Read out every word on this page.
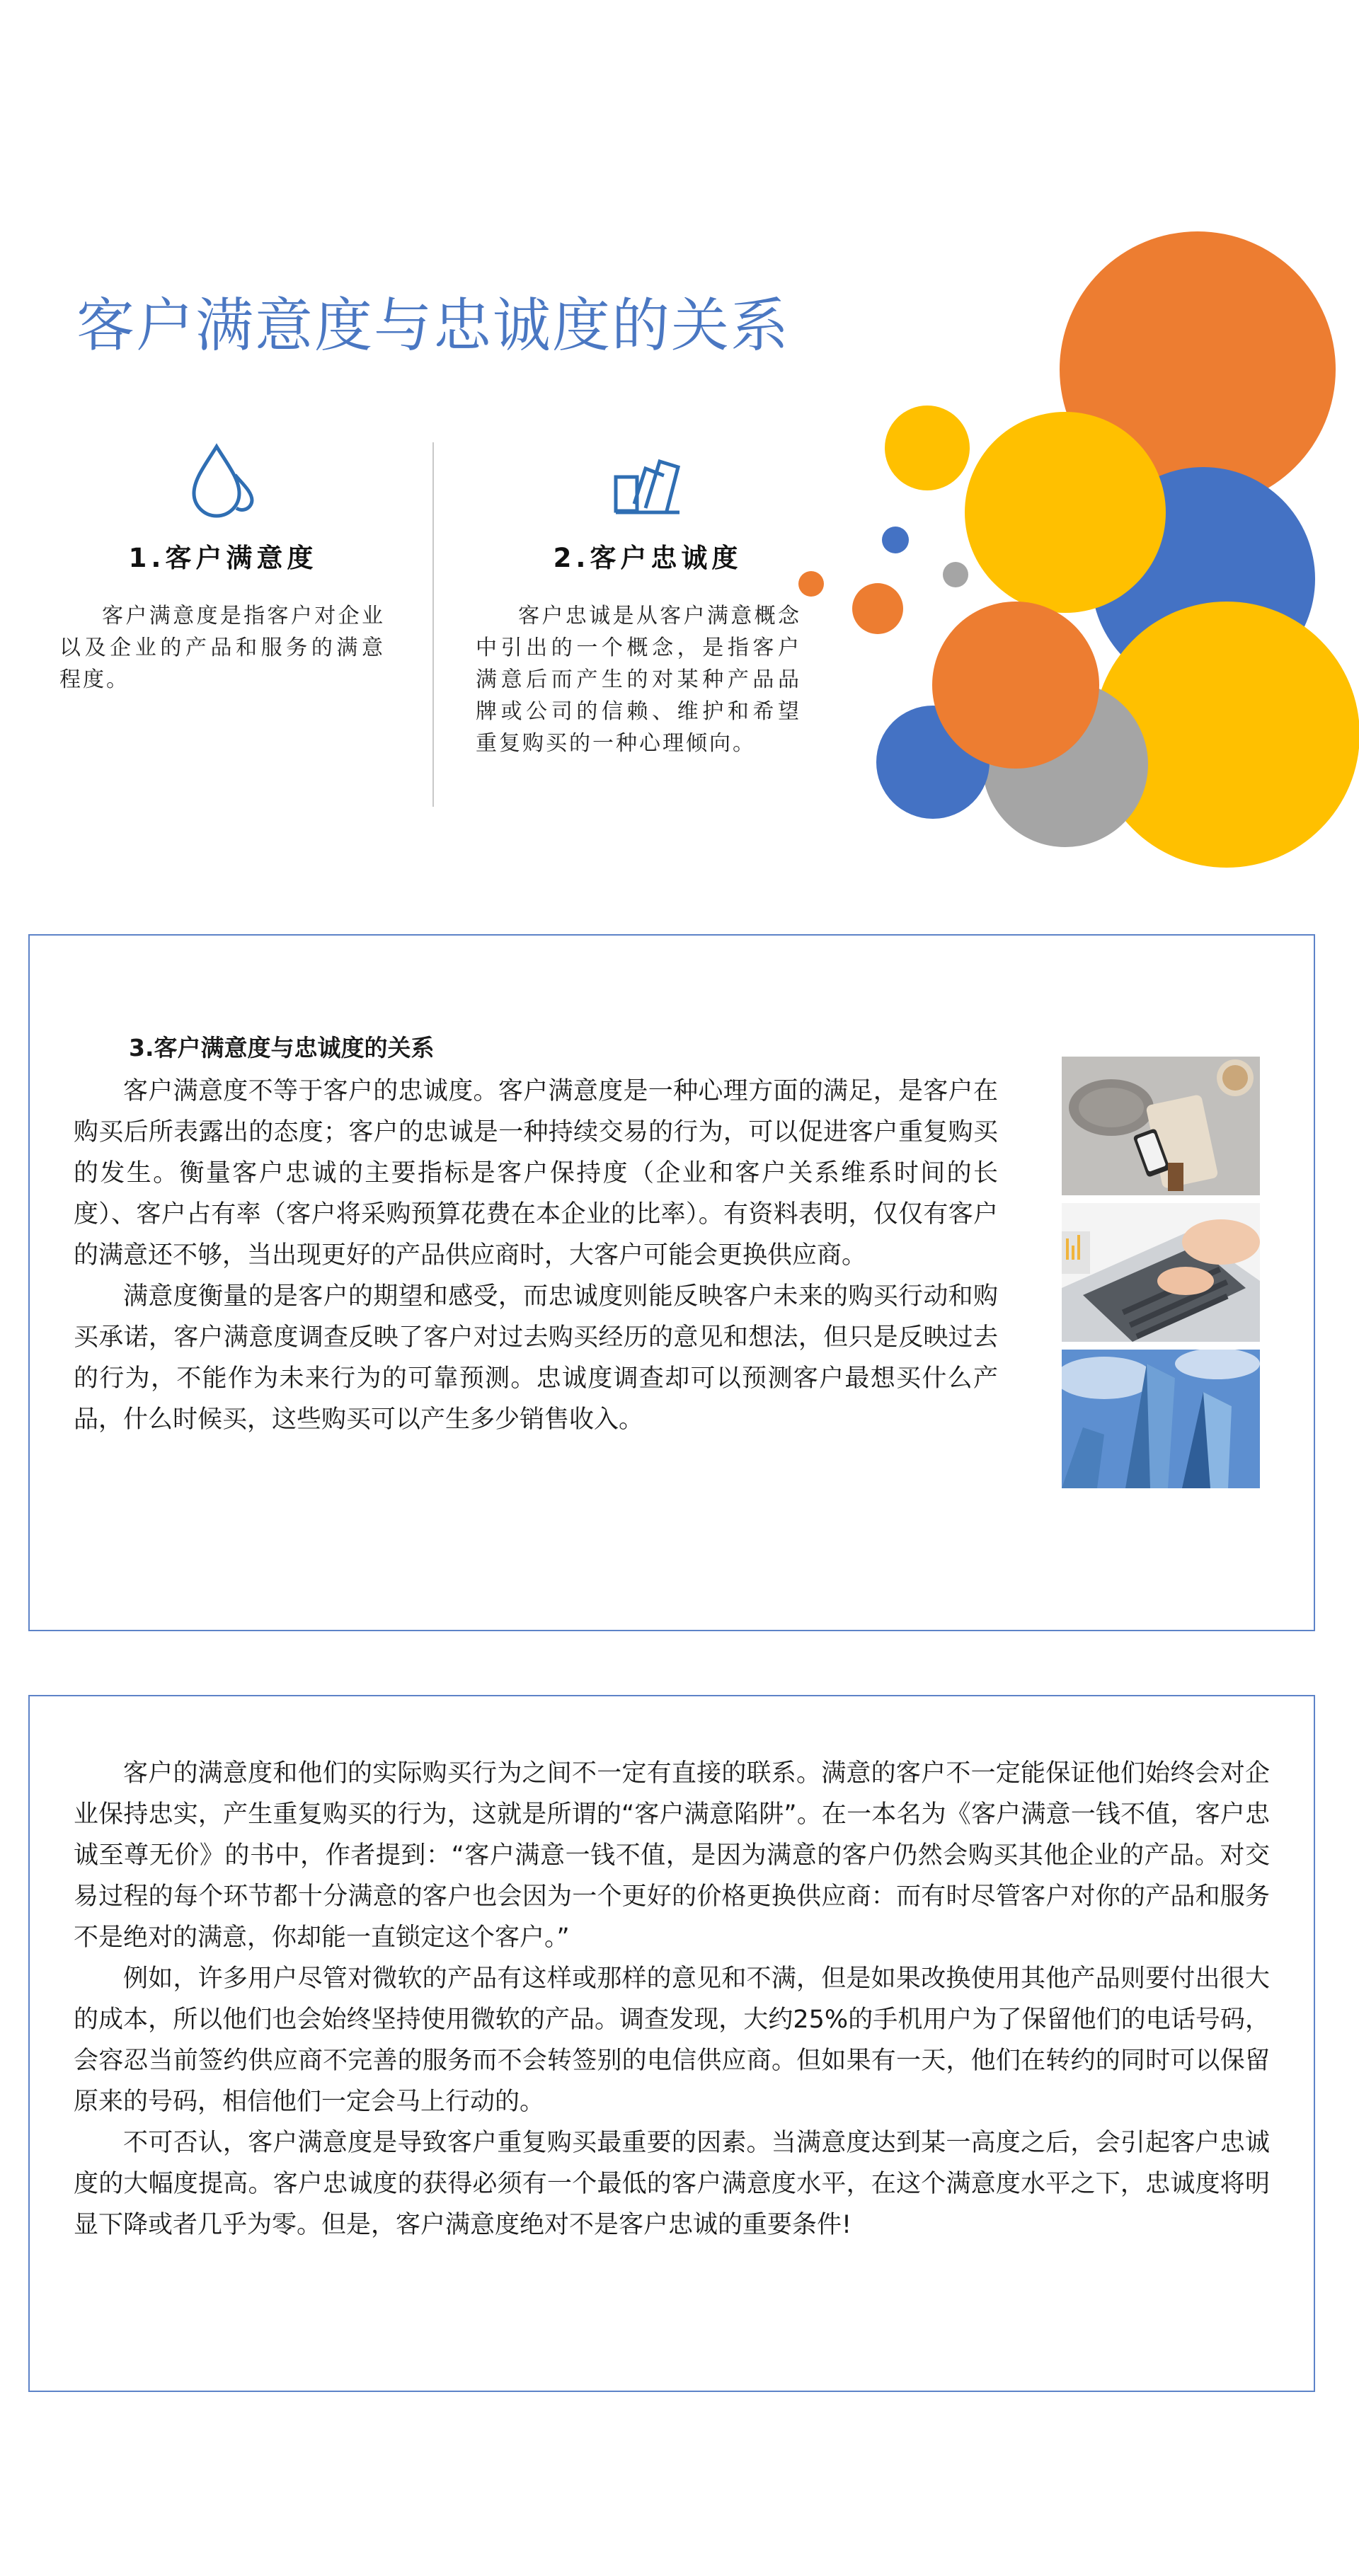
客户满意度与忠诚度的关系
1.客户满意度

客户满意度是指客户对企业以及企业的产品和服务的满意程度。

2.客户忠诚度

客户忠诚是从客户满意概念中引出的一个概念，是指客户满意后而产生的对某种产品品牌或公司的信赖、维护和希望重复购买的一种心理倾向。

3.客户满意度与忠诚度的关系

客户满意度不等于客户的忠诚度。客户满意度是一种心理方面的满足，是客户在购买后所表露出的态度；客户的忠诚是一种持续交易的行为，可以促进客户重复购买的发生。衡量客户忠诚的主要指标是客户保持度（企业和客户关系维系时间的长度）、客户占有率（客户将采购预算花费在本企业的比率）。有资料表明，仅仅有客户的满意还不够，当出现更好的产品供应商时，大客户可能会更换供应商。

满意度衡量的是客户的期望和感受，而忠诚度则能反映客户未来的购买行动和购买承诺，客户满意度调查反映了客户对过去购买经历的意见和想法，但只是反映过去的行为，不能作为未来行为的可靠预测。忠诚度调查却可以预测客户最想买什么产品，什么时候买，这些购买可以产生多少销售收入。

客户的满意度和他们的实际购买行为之间不一定有直接的联系。满意的客户不一定能保证他们始终会对企业保持忠实，产生重复购买的行为，这就是所谓的“客户满意陷阱”。在一本名为《客户满意一钱不值，客户忠诚至尊无价》的书中，作者提到：“客户满意一钱不值，是因为满意的客户仍然会购买其他企业的产品。对交易过程的每个环节都十分满意的客户也会因为一个更好的价格更换供应商：而有时尽管客户对你的产品和服务不是绝对的满意，你却能一直锁定这个客户。”

例如，许多用户尽管对微软的产品有这样或那样的意见和不满，但是如果改换使用其他产品则要付出很大的成本，所以他们也会始终坚持使用微软的产品。调查发现，大约25%的手机用户为了保留他们的电话号码，会容忍当前签约供应商不完善的服务而不会转签别的电信供应商。但如果有一天，他们在转约的同时可以保留原来的号码，相信他们一定会马上行动的。

不可否认，客户满意度是导致客户重复购买最重要的因素。当满意度达到某一高度之后，会引起客户忠诚度的大幅度提高。客户忠诚度的获得必须有一个最低的客户满意度水平，在这个满意度水平之下，忠诚度将明显下降或者几乎为零。但是，客户满意度绝对不是客户忠诚的重要条件!
